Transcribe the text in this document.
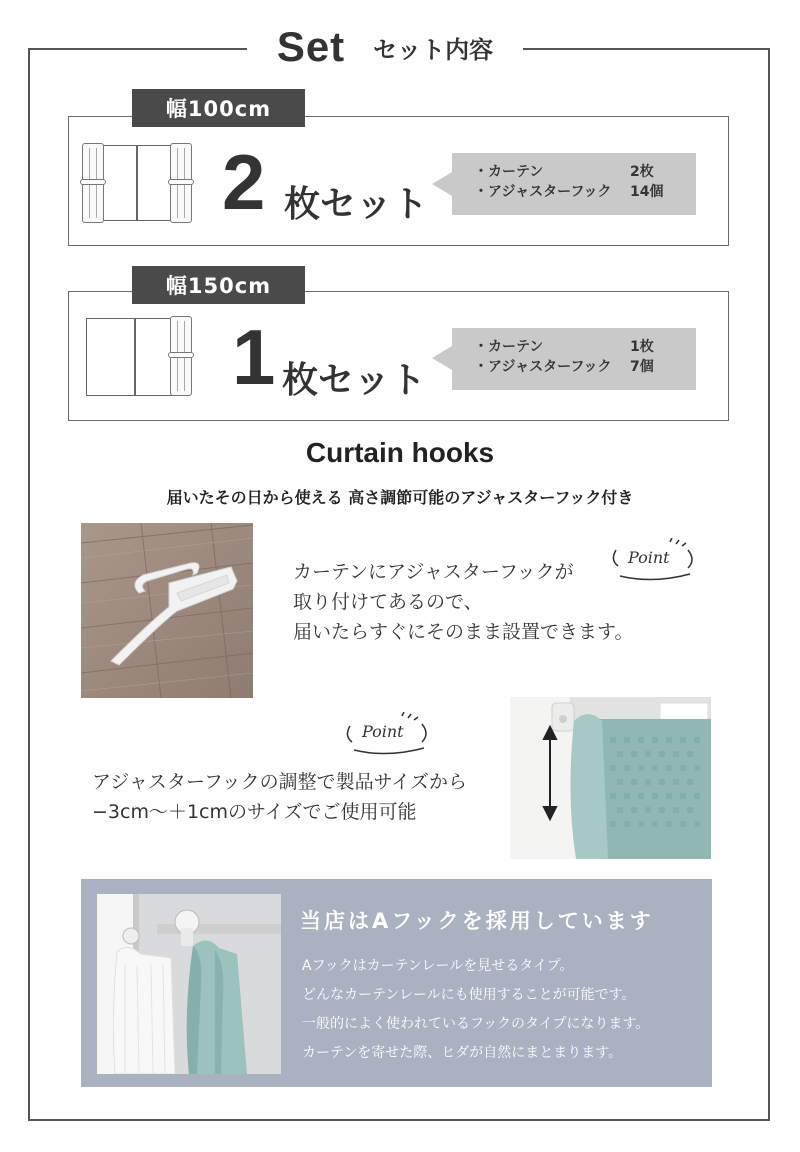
Set セット内容
幅100cm
2 枚セット
・カーテン	2枚
・アジャスターフック	14個
幅150cm
1 枚セット
・カーテン	1枚
・アジャスターフック	7個
Curtain hooks
届いたその日から使える 高さ調節可能のアジャスターフック付き
Point
カーテンにアジャスターフックが
取り付けてあるので、
届いたらすぐにそのまま設置できます。
Point
アジャスターフックの調整で製品サイズから
−3cm〜＋1cmのサイズでご使用可能
当店はAフックを採用しています
Aフックはカーテンレールを見せるタイプ。
どんなカーテンレールにも使用することが可能です。
一般的によく使われているフックのタイプになります。
カーテンを寄せた際、ヒダが自然にまとまります。
